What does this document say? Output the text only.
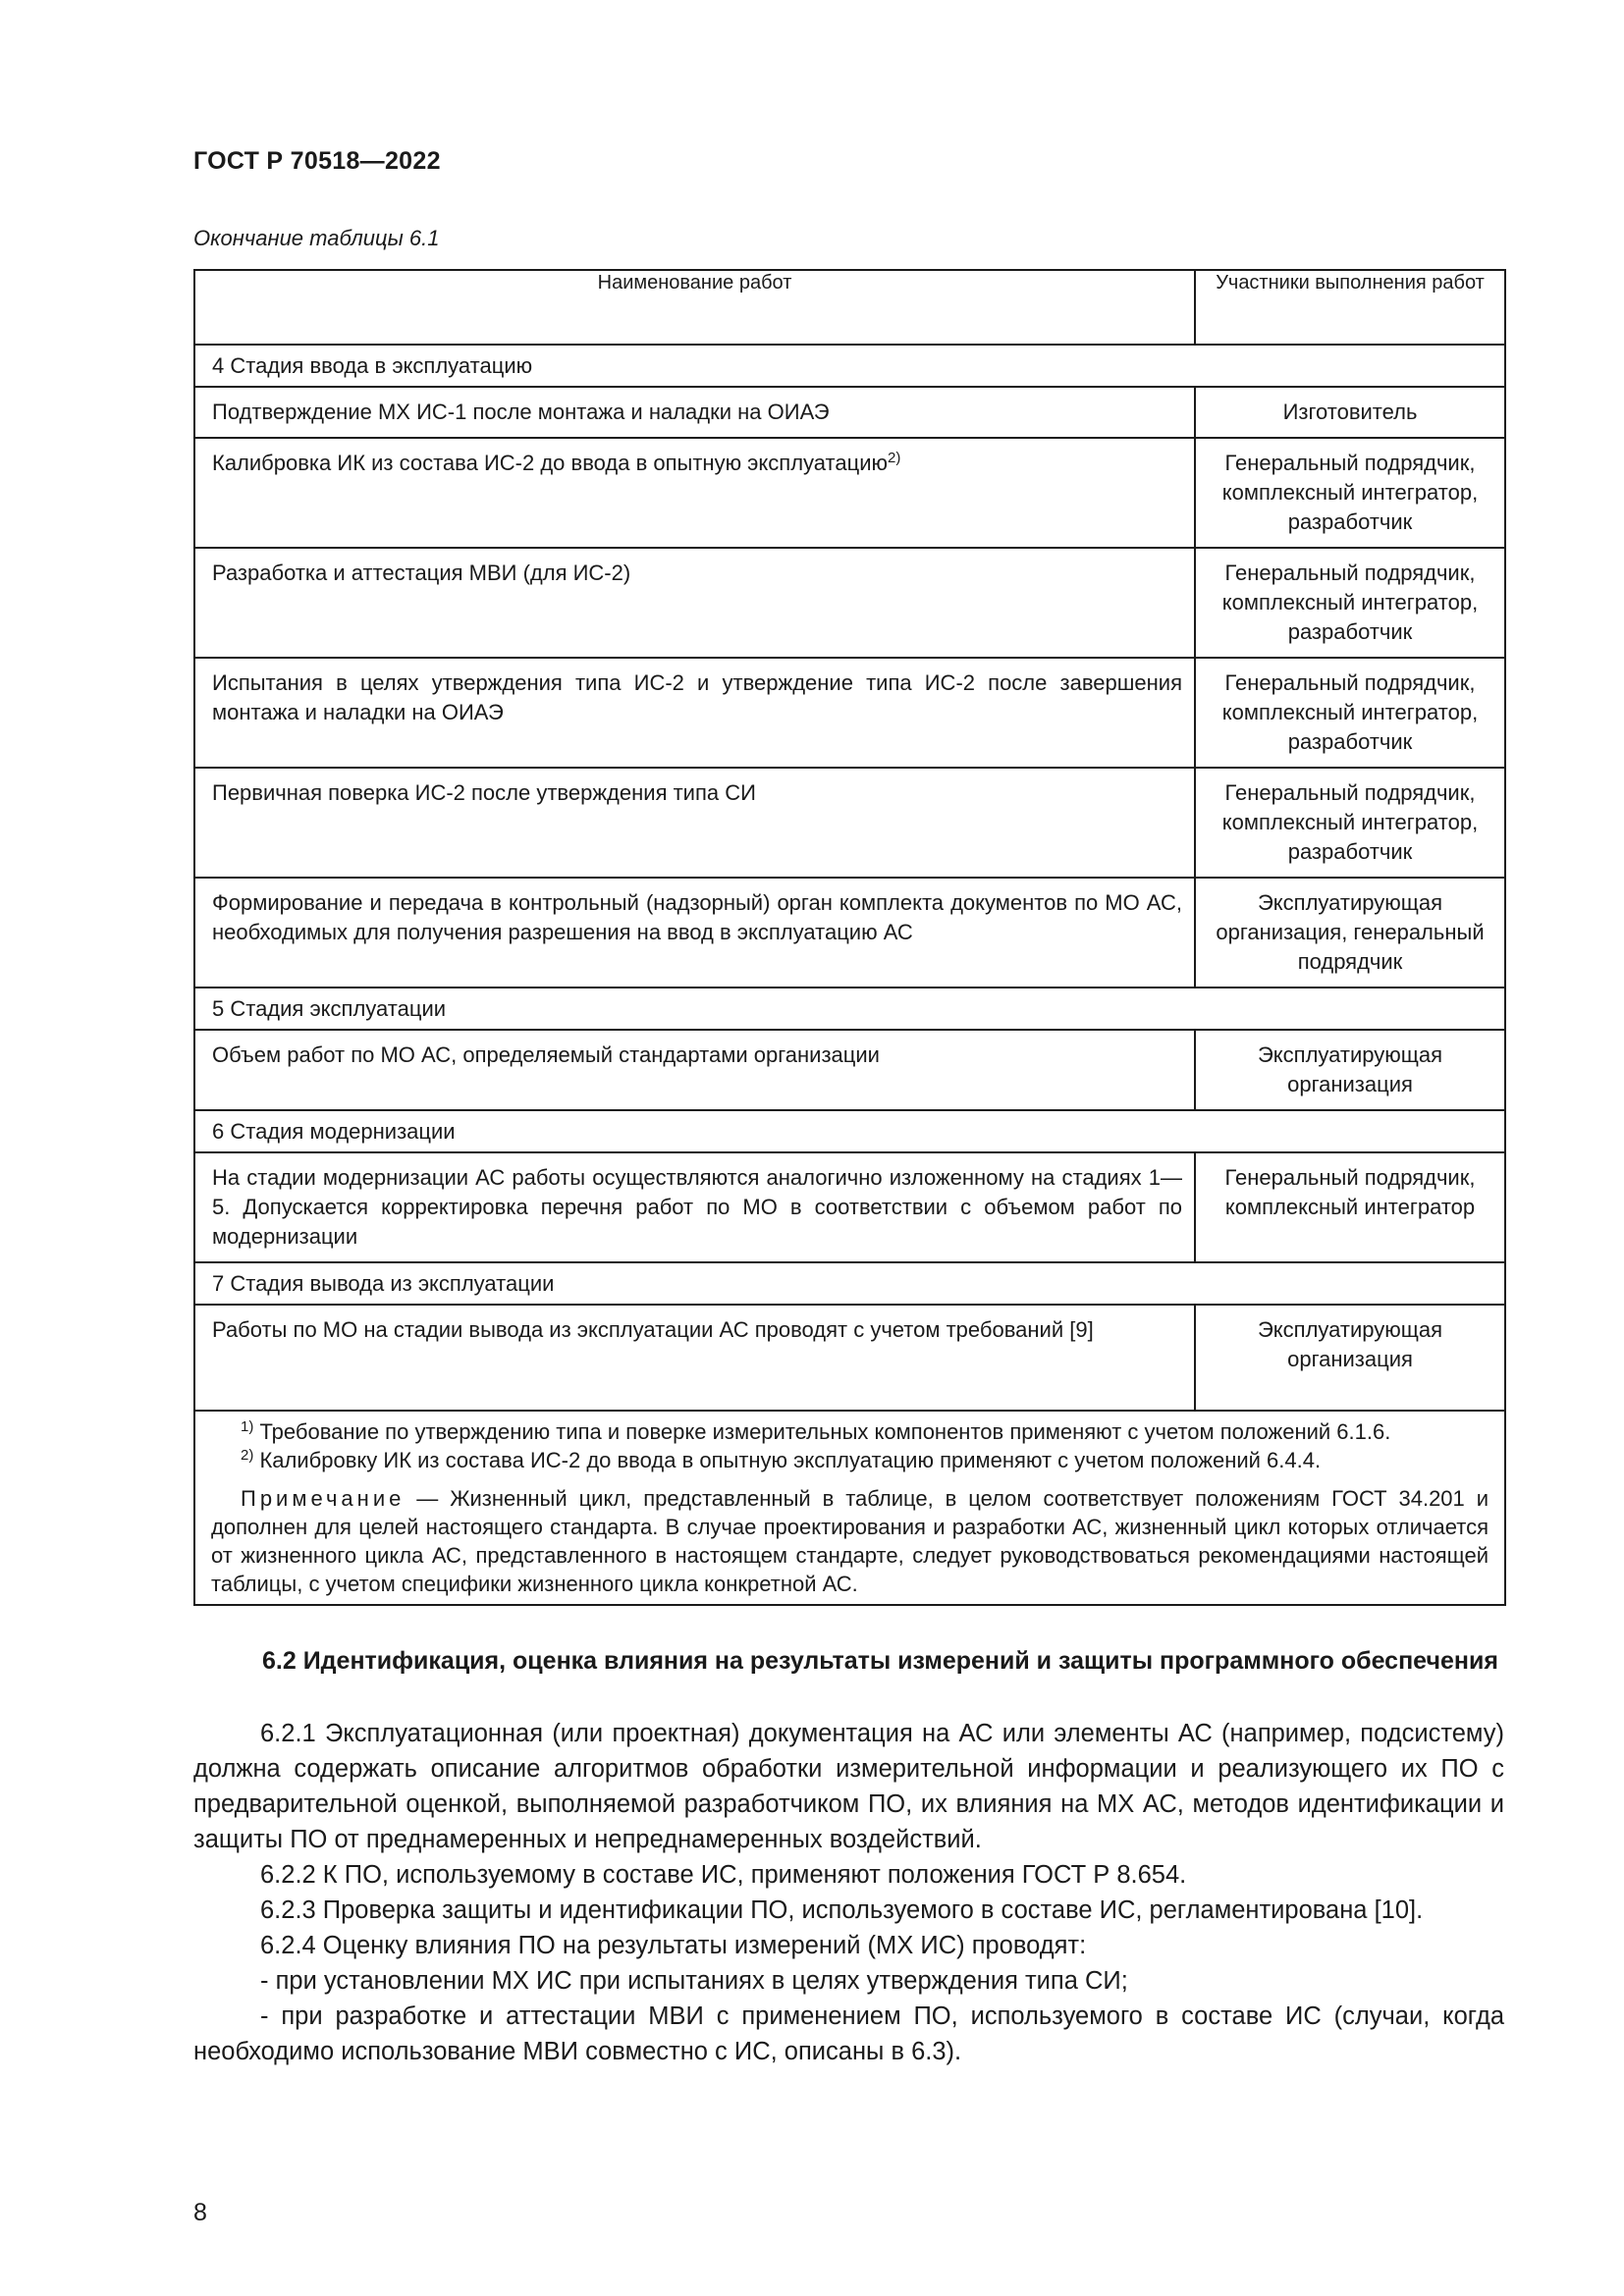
ГОСТ Р 70518—2022
Окончание таблицы 6.1
Наименование работ	Участники выполнения работ
4 Стадия ввода в эксплуатацию	
Подтверждение МХ ИС-1 после монтажа и наладки на ОИАЭ	Изготовитель
Калибровка ИК из состава ИС-2 до ввода в опытную эксплуатацию$^{2)}$	Генеральный подрядчик, комплексный интегратор, разработчик
Разработка и аттестация МВИ (для ИС-2)	Генеральный подрядчик, комплексный интегратор, разработчик
Испытания в целях утверждения типа ИС-2 и утверждение типа ИС-2 после завершения монтажа и наладки на ОИАЭ	Генеральный подрядчик, комплексный интегратор, разработчик
Первичная поверка ИС-2 после утверждения типа СИ	Генеральный подрядчик, комплексный интегратор, разработчик
Формирование и передача в контрольный (надзорный) орган комплекта документов по МО АС, необходимых для получения разрешения на ввод в эксплуатацию АС	Эксплуатирующая организация, генеральный подрядчик
5 Стадия эксплуатации	
Объем работ по МО АС, определяемый стандартами организации	Эксплуатирующая организация
6 Стадия модернизации	
На стадии модернизации АС работы осуществляются аналогично изложенному на стадиях 1—5. Допускается корректировка перечня работ по МО в соответствии с объемом работ по модернизации	Генеральный подрядчик, комплексный интегратор
7 Стадия вывода из эксплуатации	
Работы по МО на стадии вывода из эксплуатации АС проводят с учетом требований [9]	Эксплуатирующая организация

$^{1)}$ Требование по утверждению типа и поверке измерительных компонентов применяют с учетом положений 6.1.6.

$^{2)}$ Калибровку ИК из состава ИС-2 до ввода в опытную эксплуатацию применяют с учетом положений 6.4.4.

Примечание — Жизненный цикл, представленный в таблице, в целом соответствует положениям ГОСТ 34.201 и дополнен для целей настоящего стандарта. В случае проектирования и разработки АС, жизненный цикл которых отличается от жизненного цикла АС, представленного в настоящем стандарте, следует руководствоваться рекомендациями настоящей таблицы, с учетом специфики жизненного цикла конкретной АС.	

6.2 Идентификация, оценка влияния на результаты измерений и защиты программного обеспечения

6.2.1 Эксплуатационная (или проектная) документация на АС или элементы АС (например, подсистему) должна содержать описание алгоритмов обработки измерительной информации и реализующего их ПО с предварительной оценкой, выполняемой разработчиком ПО, их влияния на МХ АС, методов идентификации и защиты ПО от преднамеренных и непреднамеренных воздействий.

6.2.2 К ПО, используемому в составе ИС, применяют положения ГОСТ Р 8.654.

6.2.3 Проверка защиты и идентификации ПО, используемого в составе ИС, регламентирована [10].

6.2.4 Оценку влияния ПО на результаты измерений (МХ ИС) проводят:

- при установлении МХ ИС при испытаниях в целях утверждения типа СИ;

- при разработке и аттестации МВИ с применением ПО, используемого в составе ИС (случаи, когда необходимо использование МВИ совместно с ИС, описаны в 6.3).

8
